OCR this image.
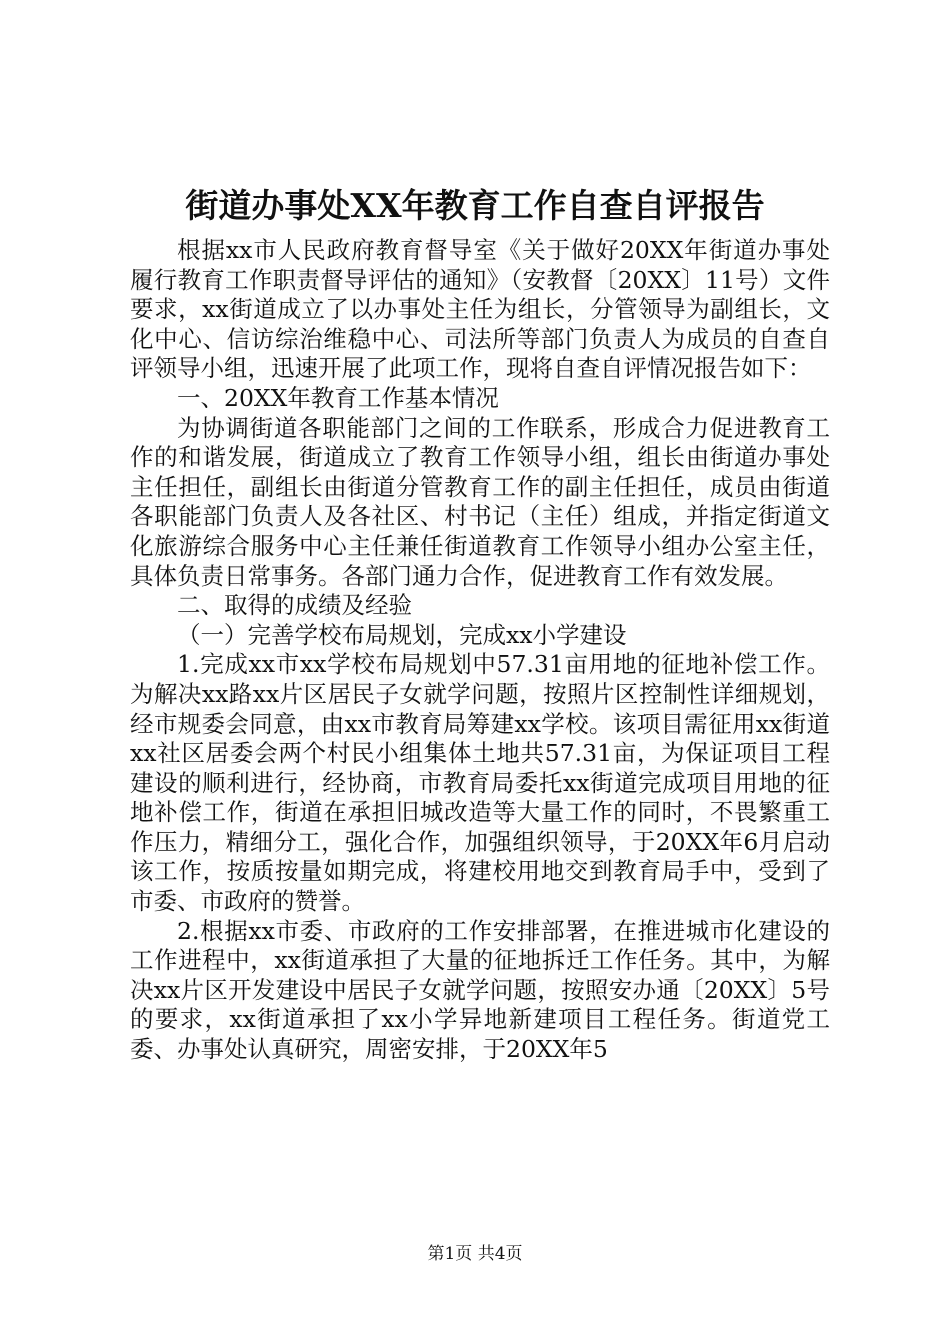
街道办事处XX年教育工作自查自评报告

根据xx市人民政府教育督导室《关于做好20XX年街道办事处履行教育工作职责督导评估的通知》（安教督〔20XX〕11号）文件要求，xx街道成立了以办事处主任为组长，分管领导为副组长，文化中心、信访综治维稳中心、司法所等部门负责人为成员的自查自评领导小组，迅速开展了此项工作，现将自查自评情况报告如下：

一、20XX年教育工作基本情况

为协调街道各职能部门之间的工作联系，形成合力促进教育工作的和谐发展，街道成立了教育工作领导小组，组长由街道办事处主任担任，副组长由街道分管教育工作的副主任担任，成员由街道各职能部门负责人及各社区、村书记（主任）组成，并指定街道文化旅游综合服务中心主任兼任街道教育工作领导小组办公室主任，具体负责日常事务。各部门通力合作，促进教育工作有效发展。

二、取得的成绩及经验

（一）完善学校布局规划，完成xx小学建设

1.完成xx市xx学校布局规划中57.31亩用地的征地补偿工作。为解决xx路xx片区居民子女就学问题，按照片区控制性详细规划，经市规委会同意，由xx市教育局筹建xx学校。该项目需征用xx街道xx社区居委会两个村民小组集体土地共57.31亩，为保证项目工程建设的顺利进行，经协商，市教育局委托xx街道完成项目用地的征地补偿工作，街道在承担旧城改造等大量工作的同时，不畏繁重工作压力，精细分工，强化合作，加强组织领导，于20XX年6月启动该工作，按质按量如期完成，将建校用地交到教育局手中，受到了市委、市政府的赞誉。

2.根据xx市委、市政府的工作安排部署，在推进城市化建设的工作进程中，xx街道承担了大量的征地拆迁工作任务。其中，为解决xx片区开发建设中居民子女就学问题，按照安办通〔20XX〕5号的要求，xx街道承担了xx小学异地新建项目工程任务。街道党工委、办事处认真研究，周密安排，于20XX年5

第1页 共4页
